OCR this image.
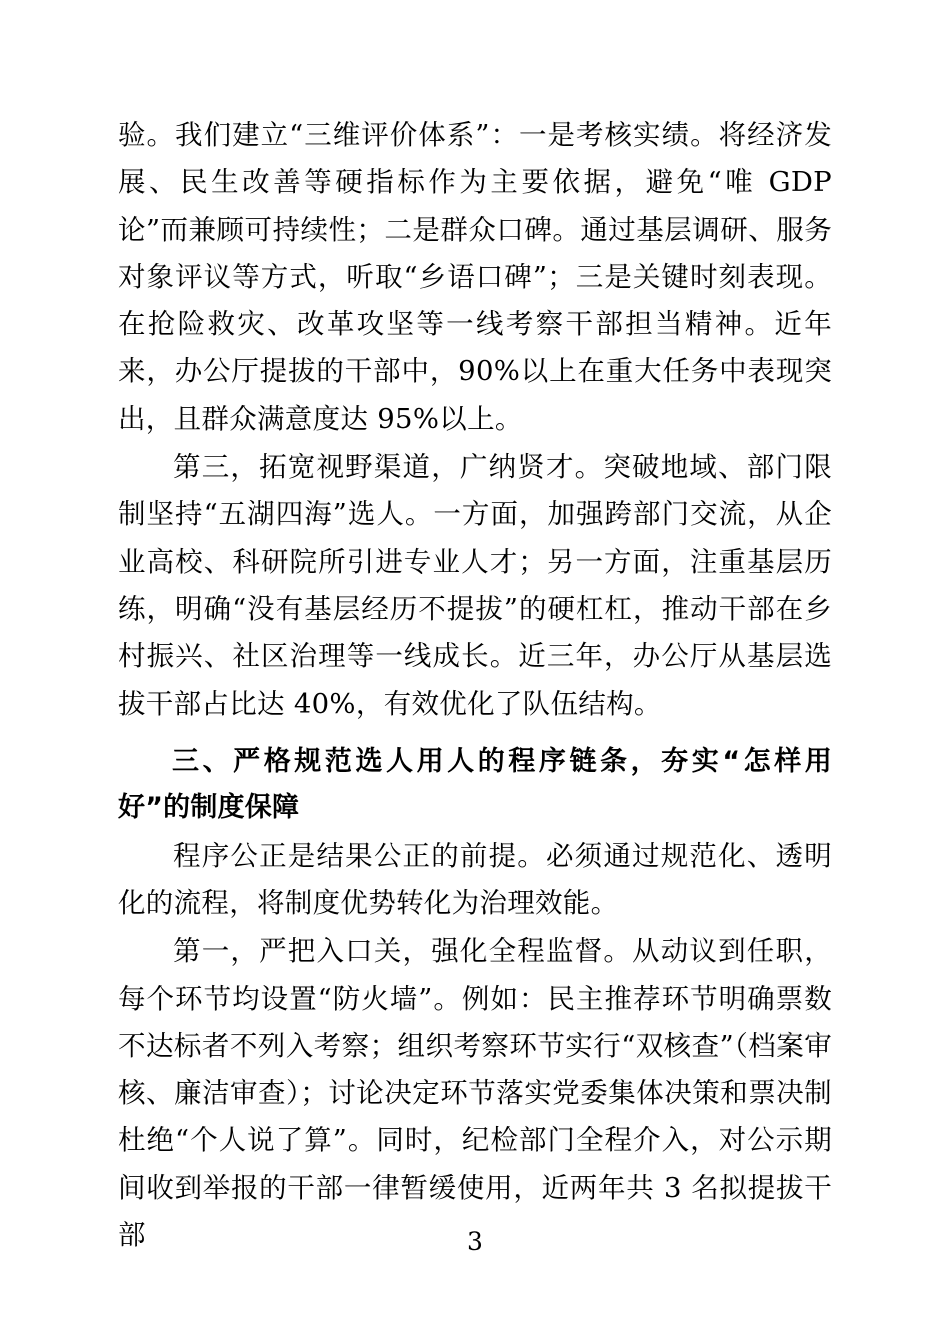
验。我们建立“三维评价体系”：一是考核实绩。将经济发展、民生改善等硬指标作为主要依据，避免“唯 GDP 论”而兼顾可持续性；二是群众口碑。通过基层调研、服务对象评议等方式，听取“乡语口碑”；三是关键时刻表现。在抢险救灾、改革攻坚等一线考察干部担当精神。近年来，办公厅提拔的干部中，90%以上在重大任务中表现突出，且群众满意度达 95%以上。

第三，拓宽视野渠道，广纳贤才。突破地域、部门限制坚持“五湖四海”选人。一方面，加强跨部门交流，从企业高校、科研院所引进专业人才；另一方面，注重基层历练，明确“没有基层经历不提拔”的硬杠杠，推动干部在乡村振兴、社区治理等一线成长。近三年，办公厅从基层选拔干部占比达 40%，有效优化了队伍结构。

三、严格规范选人用人的程序链条，夯实“怎样用好”的制度保障

程序公正是结果公正的前提。必须通过规范化、透明化的流程，将制度优势转化为治理效能。

第一，严把入口关，强化全程监督。从动议到任职，每个环节均设置“防火墙”。例如：民主推荐环节明确票数不达标者不列入考察；组织考察环节实行“双核查”（档案审核、廉洁审查）；讨论决定环节落实党委集体决策和票决制杜绝“个人说了算”。同时，纪检部门全程介入，对公示期间收到举报的干部一律暂缓使用，近两年共 3 名拟提拔干部	3
